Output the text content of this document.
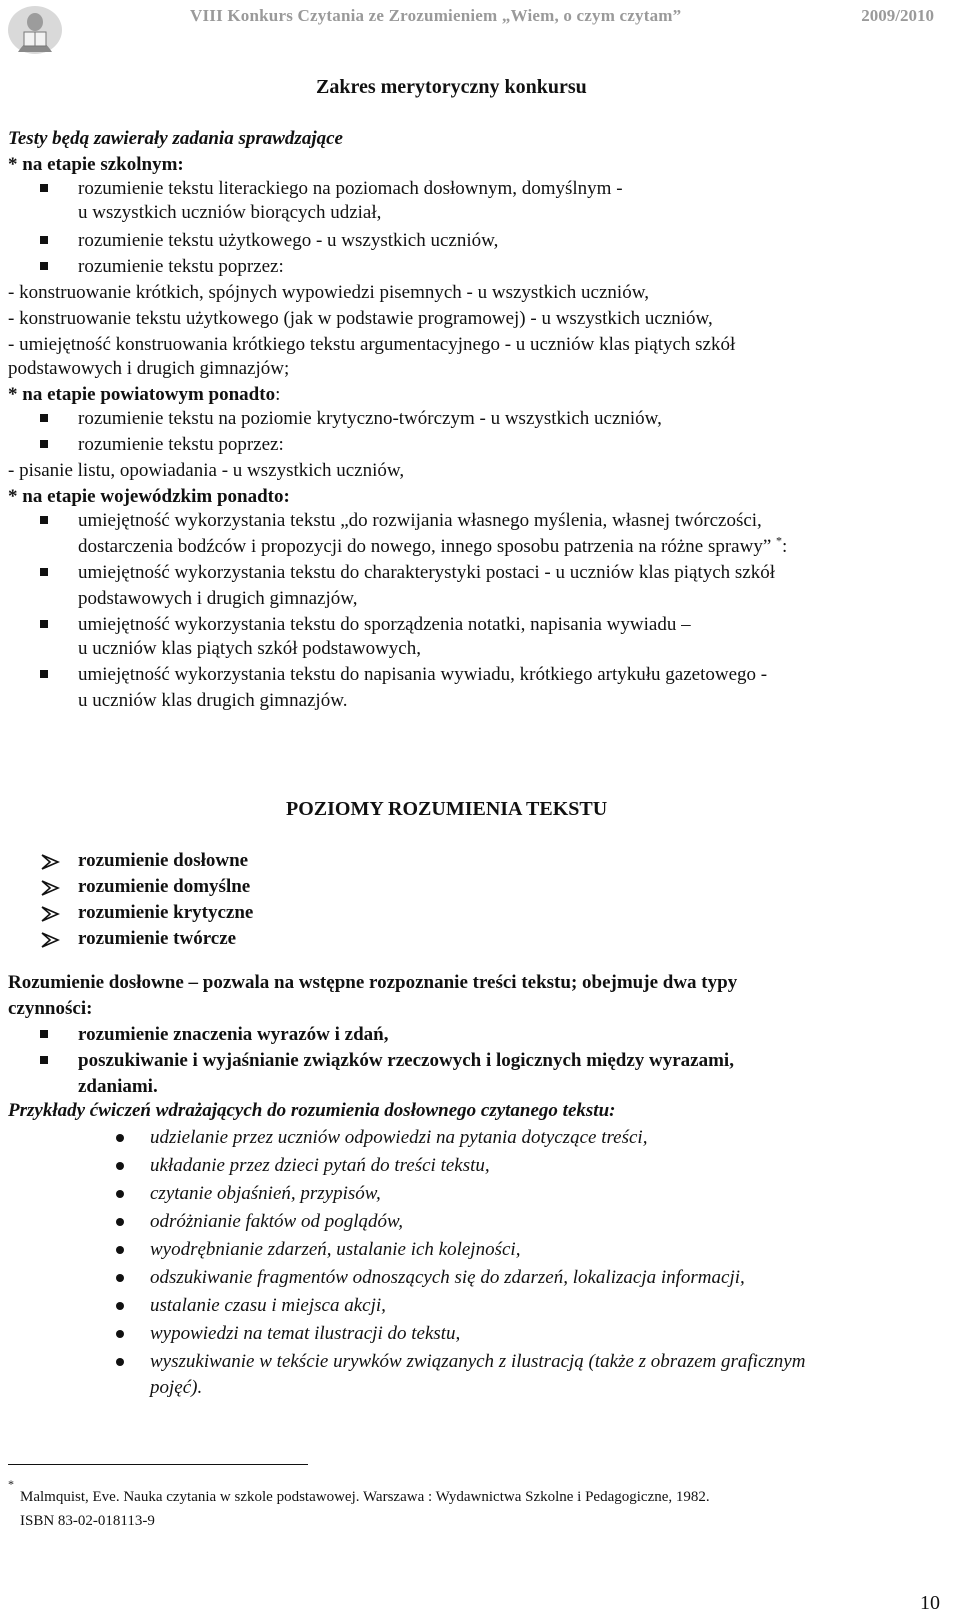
VIII Konkurs Czytania ze Zrozumieniem „Wiem, o czym czytam”	2009/2010
Zakres merytoryczny konkursu
Testy będą zawierały zadania sprawdzające
* na etapie szkolnym:
rozumienie tekstu literackiego na poziomach dosłownym, domyślnym -
u wszystkich uczniów biorących udział,
rozumienie tekstu użytkowego - u wszystkich uczniów,
rozumienie tekstu poprzez:
- konstruowanie krótkich, spójnych wypowiedzi pisemnych - u wszystkich uczniów,
- konstruowanie tekstu użytkowego (jak w podstawie programowej) - u wszystkich uczniów,
- umiejętność konstruowania krótkiego tekstu argumentacyjnego - u uczniów klas piątych szkół
podstawowych i drugich gimnazjów;
* na etapie powiatowym ponadto:
rozumienie tekstu na poziomie krytyczno-twórczym - u wszystkich uczniów,
rozumienie tekstu poprzez:
- pisanie listu, opowiadania - u wszystkich uczniów,
* na etapie wojewódzkim ponadto:
umiejętność wykorzystania tekstu „do rozwijania własnego myślenia, własnej twórczości,
dostarczenia bodźców i propozycji do nowego, innego sposobu patrzenia na różne sprawy” *:
umiejętność wykorzystania tekstu do charakterystyki postaci - u uczniów klas piątych szkół
podstawowych i drugich gimnazjów,
umiejętność wykorzystania tekstu do sporządzenia notatki, napisania wywiadu –
u uczniów klas piątych szkół podstawowych,
umiejętność wykorzystania tekstu do napisania wywiadu, krótkiego artykułu gazetowego -
u uczniów klas drugich gimnazjów.
POZIOMY ROZUMIENIA TEKSTU
rozumienie dosłowne
rozumienie domyślne
rozumienie krytyczne
rozumienie twórcze
Rozumienie dosłowne – pozwala na wstępne rozpoznanie treści tekstu; obejmuje dwa typy
czynności:
rozumienie znaczenia wyrazów i zdań,
poszukiwanie i wyjaśnianie związków rzeczowych i logicznych między wyrazami,
zdaniami.
Przykłady ćwiczeń wdrażających do rozumienia dosłownego czytanego tekstu:
udzielanie przez uczniów odpowiedzi na pytania dotyczące treści,
układanie przez dzieci pytań do treści tekstu,
czytanie objaśnień, przypisów,
odróżnianie faktów od poglądów,
wyodrębnianie zdarzeń, ustalanie ich kolejności,
odszukiwanie fragmentów odnoszących się do zdarzeń, lokalizacja informacji,
ustalanie czasu i miejsca akcji,
wypowiedzi na temat ilustracji do tekstu,
wyszukiwanie w tekście urywków związanych z ilustracją (także z obrazem graficznym
pojęć).
*
Malmquist, Eve. Nauka czytania w szkole podstawowej. Warszawa : Wydawnictwa Szkolne i Pedagogiczne, 1982.
ISBN 83-02-018113-9
10
